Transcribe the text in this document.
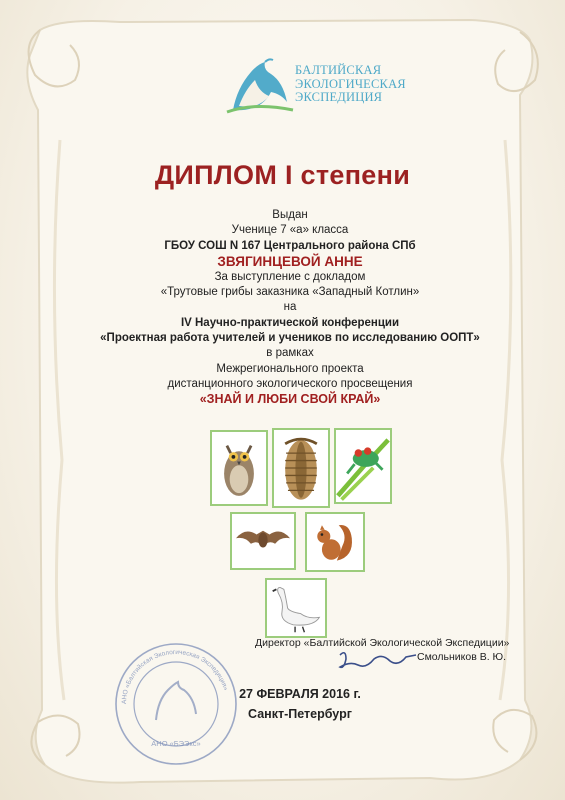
БАЛТИЙСКАЯ
ЭКОЛОГИЧЕСКАЯ
ЭКСПЕДИЦИЯ
ДИПЛОМ I степени
Выдан
Ученице 7 «а» класса
ГБОУ СОШ N 167 Центрального района СПб
ЗВЯГИНЦЕВОЙ АННЕ
За выступление с докладом
«Трутовые грибы заказника «Западный Котлин»
на
IV Научно-практической конференции
«Проектная работа учителей и учеников по исследованию ООПТ»
в рамках
Межрегионального проекта
дистанционного экологического просвещения
«ЗНАЙ И ЛЮБИ СВОЙ КРАЙ»
АНО «Балтийская Экологическая Экспедиция»
АНО «БЭЭкс»
Директор «Балтийской Экологической Экспедиции»
Смольников В. Ю.
27 ФЕВРАЛЯ 2016 г.
Санкт-Петербург
